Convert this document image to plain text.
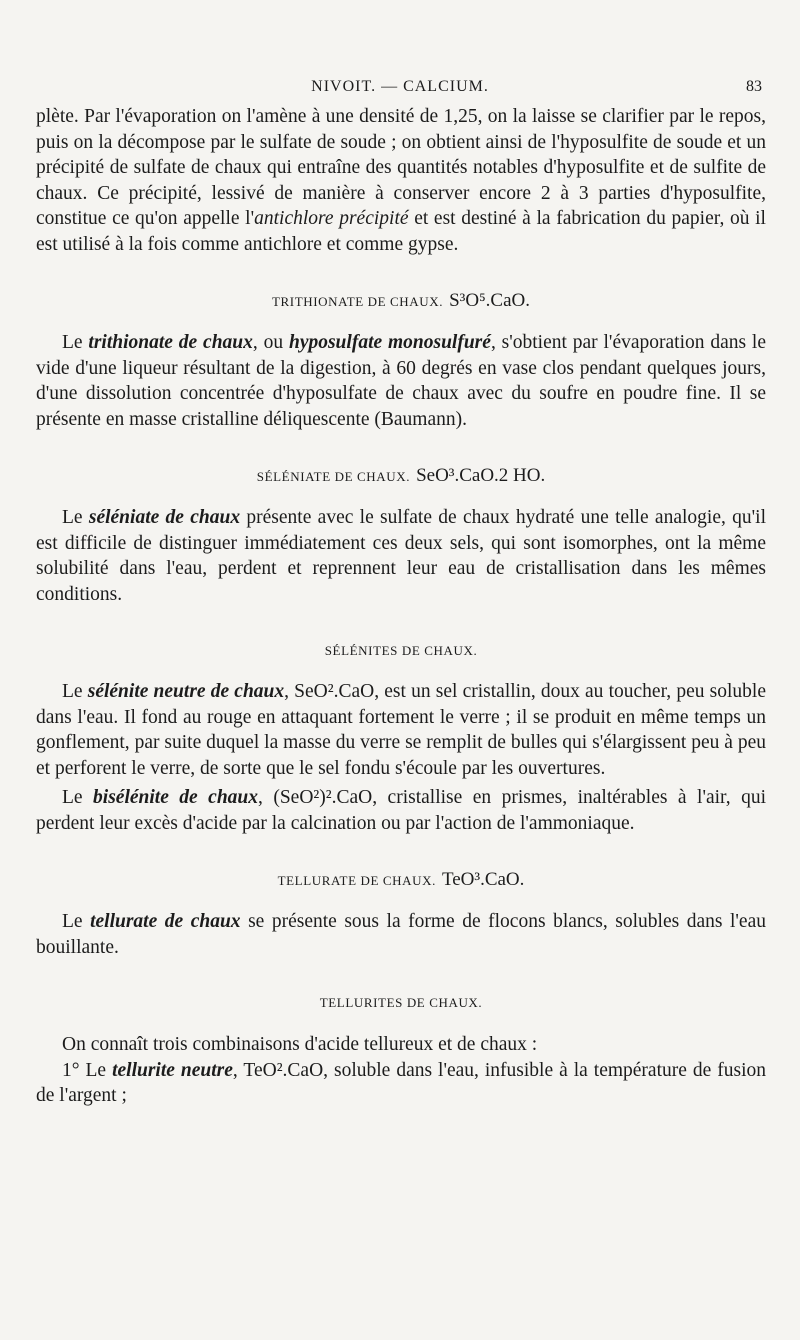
NIVOIT. — CALCIUM.	83

plète. Par l'évaporation on l'amène à une densité de 1,25, on la laisse se clarifier par le repos, puis on la décompose par le sulfate de soude ; on obtient ainsi de l'hyposulfite de soude et un précipité de sulfate de chaux qui entraîne des quantités notables d'hyposulfite et de sulfite de chaux. Ce précipité, lessivé de manière à conserver encore 2 à 3 parties d'hyposulfite, constitue ce qu'on appelle l'antichlore précipité et est destiné à la fabrication du papier, où il est utilisé à la fois comme antichlore et comme gypse.

TRITHIONATE DE CHAUX. S³O⁵.CaO.

Le trithionate de chaux, ou hyposulfate monosulfuré, s'obtient par l'évaporation dans le vide d'une liqueur résultant de la digestion, à 60 degrés en vase clos pendant quelques jours, d'une dissolution concentrée d'hyposulfate de chaux avec du soufre en poudre fine. Il se présente en masse cristalline déliquescente (Baumann).

SÉLÉNIATE DE CHAUX. SeO³.CaO.2 HO.

Le séléniate de chaux présente avec le sulfate de chaux hydraté une telle analogie, qu'il est difficile de distinguer immédiatement ces deux sels, qui sont isomorphes, ont la même solubilité dans l'eau, perdent et reprennent leur eau de cristallisation dans les mêmes conditions.

SÉLÉNITES DE CHAUX.

Le sélénite neutre de chaux, SeO².CaO, est un sel cristallin, doux au toucher, peu soluble dans l'eau. Il fond au rouge en attaquant fortement le verre ; il se produit en même temps un gonflement, par suite duquel la masse du verre se remplit de bulles qui s'élargissent peu à peu et perforent le verre, de sorte que le sel fondu s'écoule par les ouvertures.

Le bisélénite de chaux, (SeO²)².CaO, cristallise en prismes, inaltérables à l'air, qui perdent leur excès d'acide par la calcination ou par l'action de l'ammoniaque.

TELLURATE DE CHAUX. TeO³.CaO.

Le tellurate de chaux se présente sous la forme de flocons blancs, solubles dans l'eau bouillante.

TELLURITES DE CHAUX.

On connaît trois combinaisons d'acide tellureux et de chaux :

1° Le tellurite neutre, TeO².CaO, soluble dans l'eau, infusible à la température de fusion de l'argent ;
